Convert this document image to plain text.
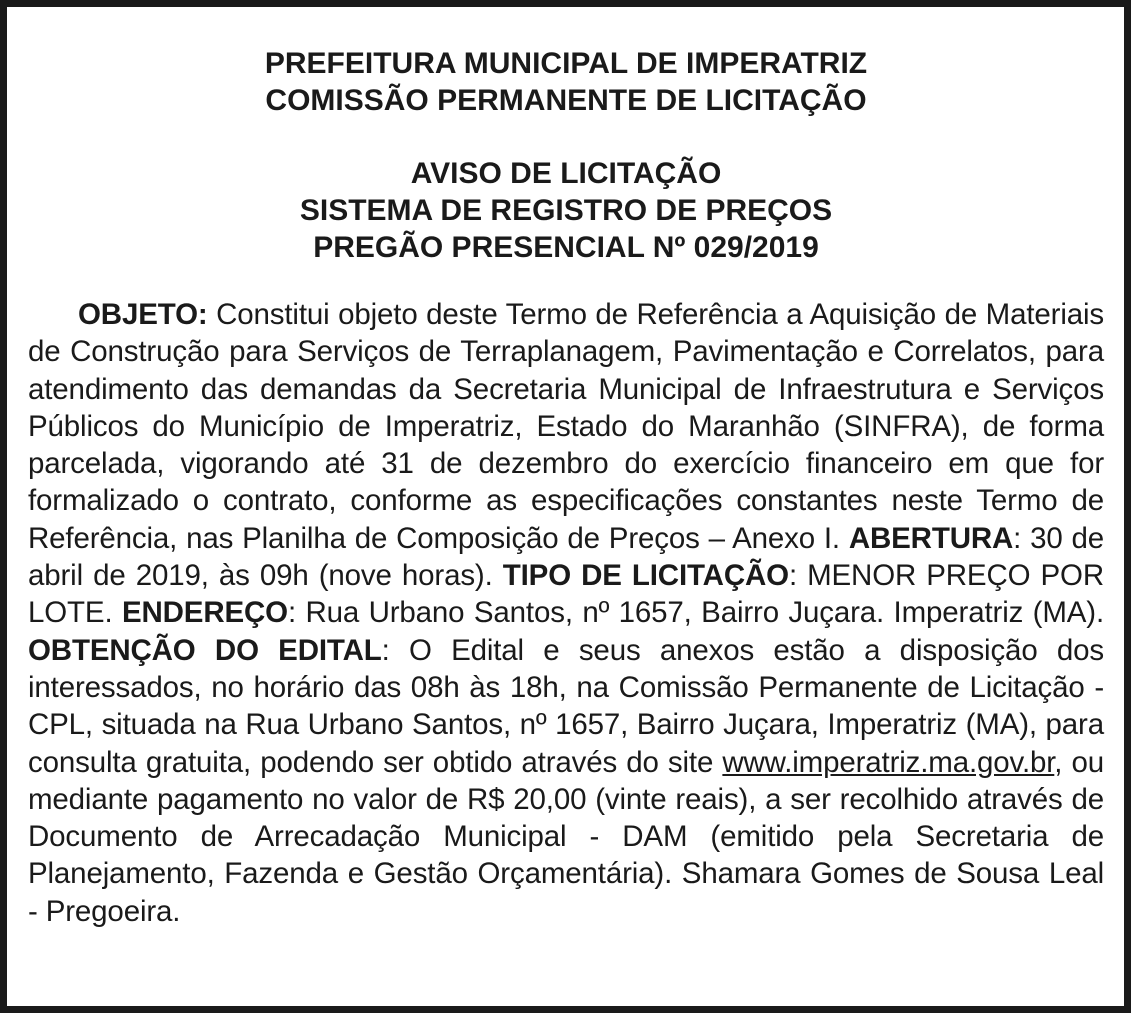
PREFEITURA MUNICIPAL DE IMPERATRIZ
COMISSÃO PERMANENTE DE LICITAÇÃO
AVISO DE LICITAÇÃO
SISTEMA DE REGISTRO DE PREÇOS
PREGÃO PRESENCIAL Nº 029/2019
OBJETO: Constitui objeto deste Termo de Referência a Aquisição de Materiais de Construção para Serviços de Terraplanagem, Pavimentação e Correlatos, para atendimento das demandas da Secretaria Municipal de Infraestrutura e Serviços Públicos do Município de Imperatriz, Estado do Maranhão (SINFRA), de forma parcelada, vigorando até 31 de dezembro do exercício financeiro em que for formalizado o contrato, conforme as especificações constantes neste Termo de Referência, nas Planilha de Composição de Preços – Anexo I. ABERTURA: 30 de abril de 2019, às 09h (nove horas). TIPO DE LICITAÇÃO: MENOR PREÇO POR LOTE. ENDEREÇO: Rua Urbano Santos, nº 1657, Bairro Juçara. Imperatriz (MA). OBTENÇÃO DO EDITAL: O Edital e seus anexos estão a disposição dos interessados, no horário das 08h às 18h, na Comissão Permanente de Licitação - CPL, situada na Rua Urbano Santos, nº 1657, Bairro Juçara, Imperatriz (MA), para consulta gratuita, podendo ser obtido através do site www.imperatriz.ma.gov.br, ou mediante pagamento no valor de R$ 20,00 (vinte reais), a ser recolhido através de Documento de Arrecadação Municipal - DAM (emitido pela Secretaria de Planejamento, Fazenda e Gestão Orçamentária). Shamara Gomes de Sousa Leal - Pregoeira.
